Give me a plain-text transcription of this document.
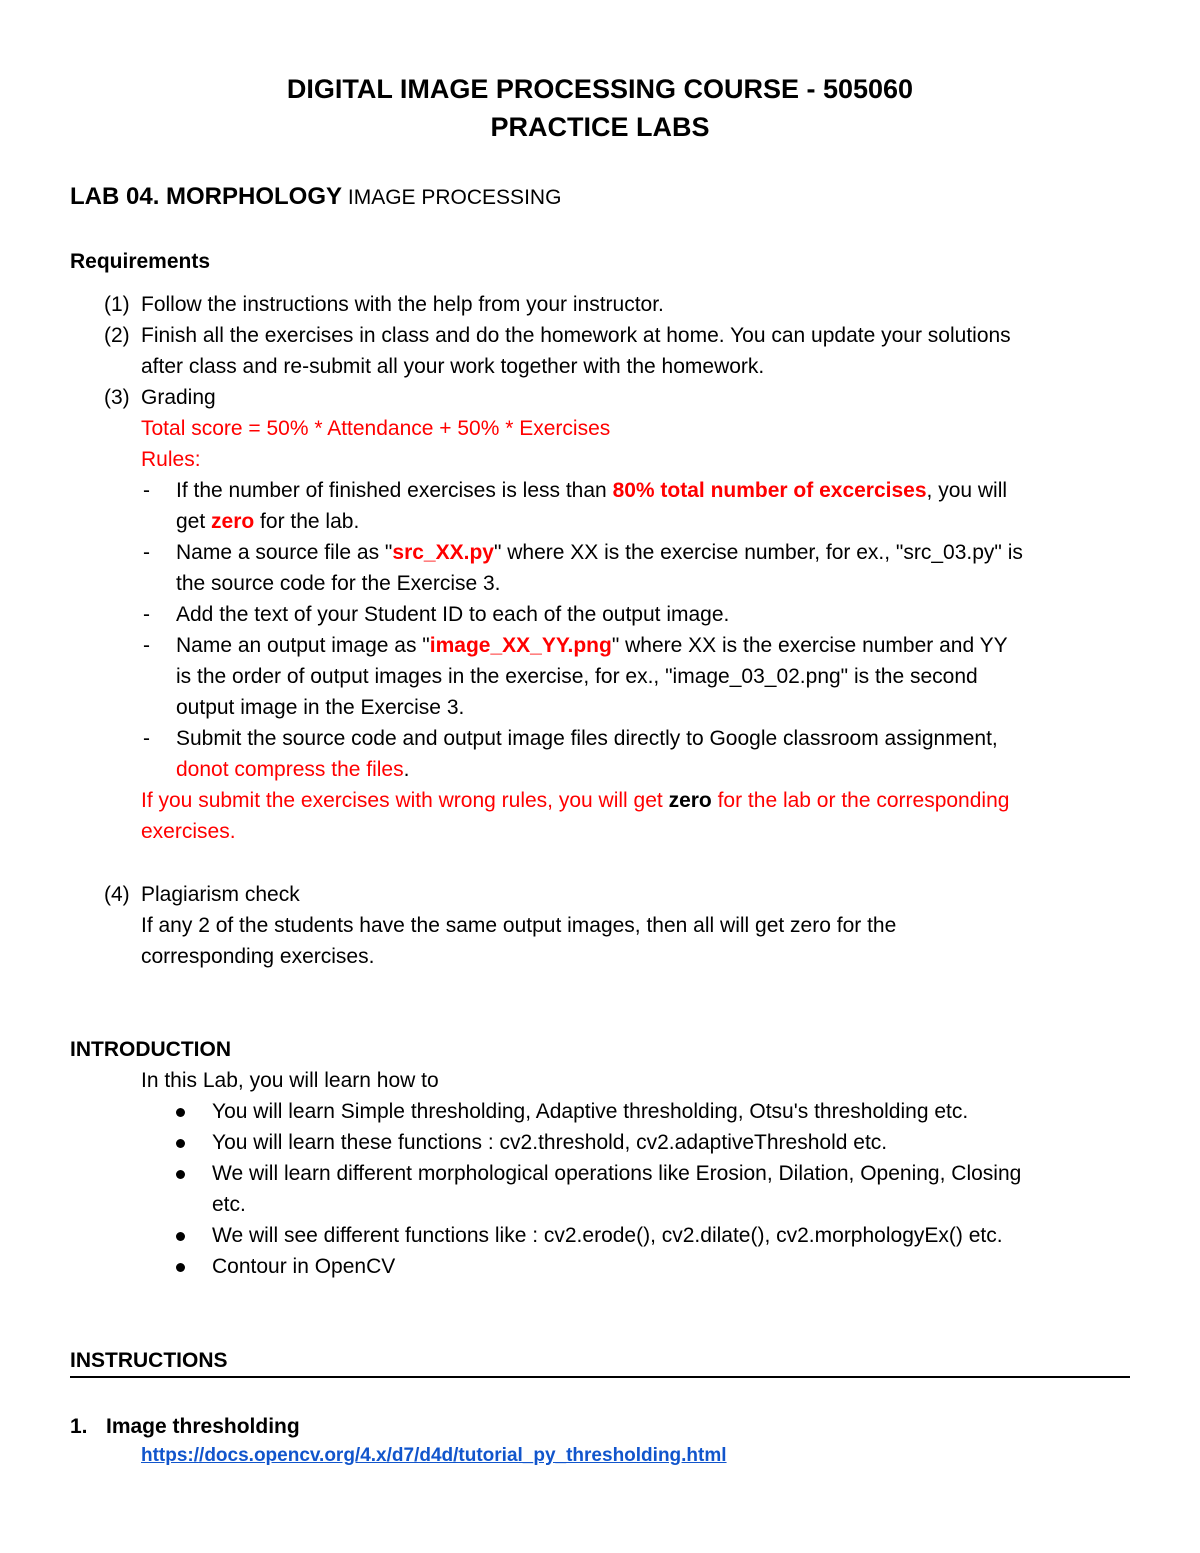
DIGITAL IMAGE PROCESSING COURSE - 505060
PRACTICE LABS
LAB 04. MORPHOLOGY IMAGE PROCESSING
Requirements
(1) Follow the instructions with the help from your instructor.
(2) Finish all the exercises in class and do the homework at home. You can update your solutions
after class and re-submit all your work together with the homework.
(3) Grading
Total score = 50% * Attendance + 50% * Exercises
Rules:
- If the number of finished exercises is less than 80% total number of excercises, you will
get zero for the lab.
- Name a source file as "src_XX.py" where XX is the exercise number, for ex., "src_03.py" is
the source code for the Exercise 3.
- Add the text of your Student ID to each of the output image.
- Name an output image as "image_XX_YY.png" where XX is the exercise number and YY
is the order of output images in the exercise, for ex., "image_03_02.png" is the second
output image in the Exercise 3.
- Submit the source code and output image files directly to Google classroom assignment,
donot compress the files.
If you submit the exercises with wrong rules, you will get zero for the lab or the corresponding
exercises.
(4) Plagiarism check
If any 2 of the students have the same output images, then all will get zero for the
corresponding exercises.
INTRODUCTION
In this Lab, you will learn how to
You will learn Simple thresholding, Adaptive thresholding, Otsu's thresholding etc.
You will learn these functions : cv2.threshold, cv2.adaptiveThreshold etc.
We will learn different morphological operations like Erosion, Dilation, Opening, Closing
etc.
We will see different functions like : cv2.erode(), cv2.dilate(), cv2.morphologyEx() etc.
Contour in OpenCV
INSTRUCTIONS
1. Image thresholding
https://docs.opencv.org/4.x/d7/d4d/tutorial_py_thresholding.html
